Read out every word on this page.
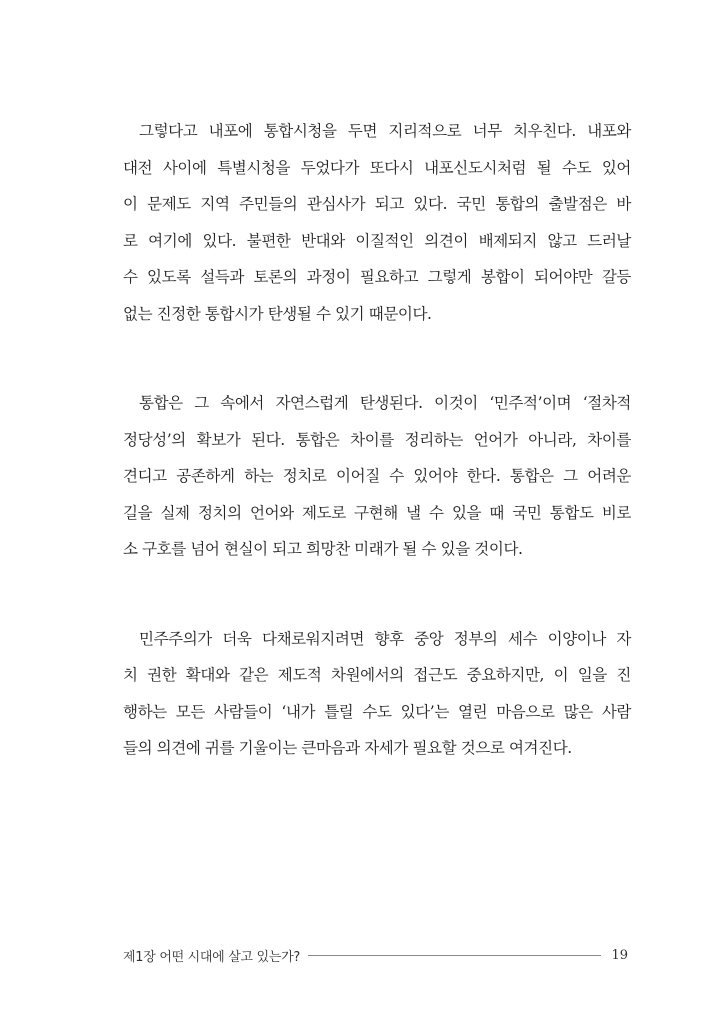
그렇다고 내포에 통합시청을 두면 지리적으로 너무 치우친다. 내포와
대전 사이에 특별시청을 두었다가 또다시 내포신도시처럼 될 수도 있어
이 문제도 지역 주민들의 관심사가 되고 있다. 국민 통합의 출발점은 바
로 여기에 있다. 불편한 반대와 이질적인 의견이 배제되지 않고 드러날
수 있도록 설득과 토론의 과정이 필요하고 그렇게 봉합이 되어야만 갈등
없는 진정한 통합시가 탄생될 수 있기 때문이다.

통합은 그 속에서 자연스럽게 탄생된다. 이것이 ‘민주적’이며 ‘절차적
정당성’의 확보가 된다. 통합은 차이를 정리하는 언어가 아니라, 차이를
견디고 공존하게 하는 정치로 이어질 수 있어야 한다. 통합은 그 어려운
길을 실제 정치의 언어와 제도로 구현해 낼 수 있을 때 국민 통합도 비로
소 구호를 넘어 현실이 되고 희망찬 미래가 될 수 있을 것이다.

민주주의가 더욱 다채로워지려면 향후 중앙 정부의 세수 이양이나 자
치 권한 확대와 같은 제도적 차원에서의 접근도 중요하지만, 이 일을 진
행하는 모든 사람들이 ‘내가 틀릴 수도 있다’는 열린 마음으로 많은 사람
들의 의견에 귀를 기울이는 큰마음과 자세가 필요할 것으로 여겨진다.

제1장 어떤 시대에 살고 있는가?	19
